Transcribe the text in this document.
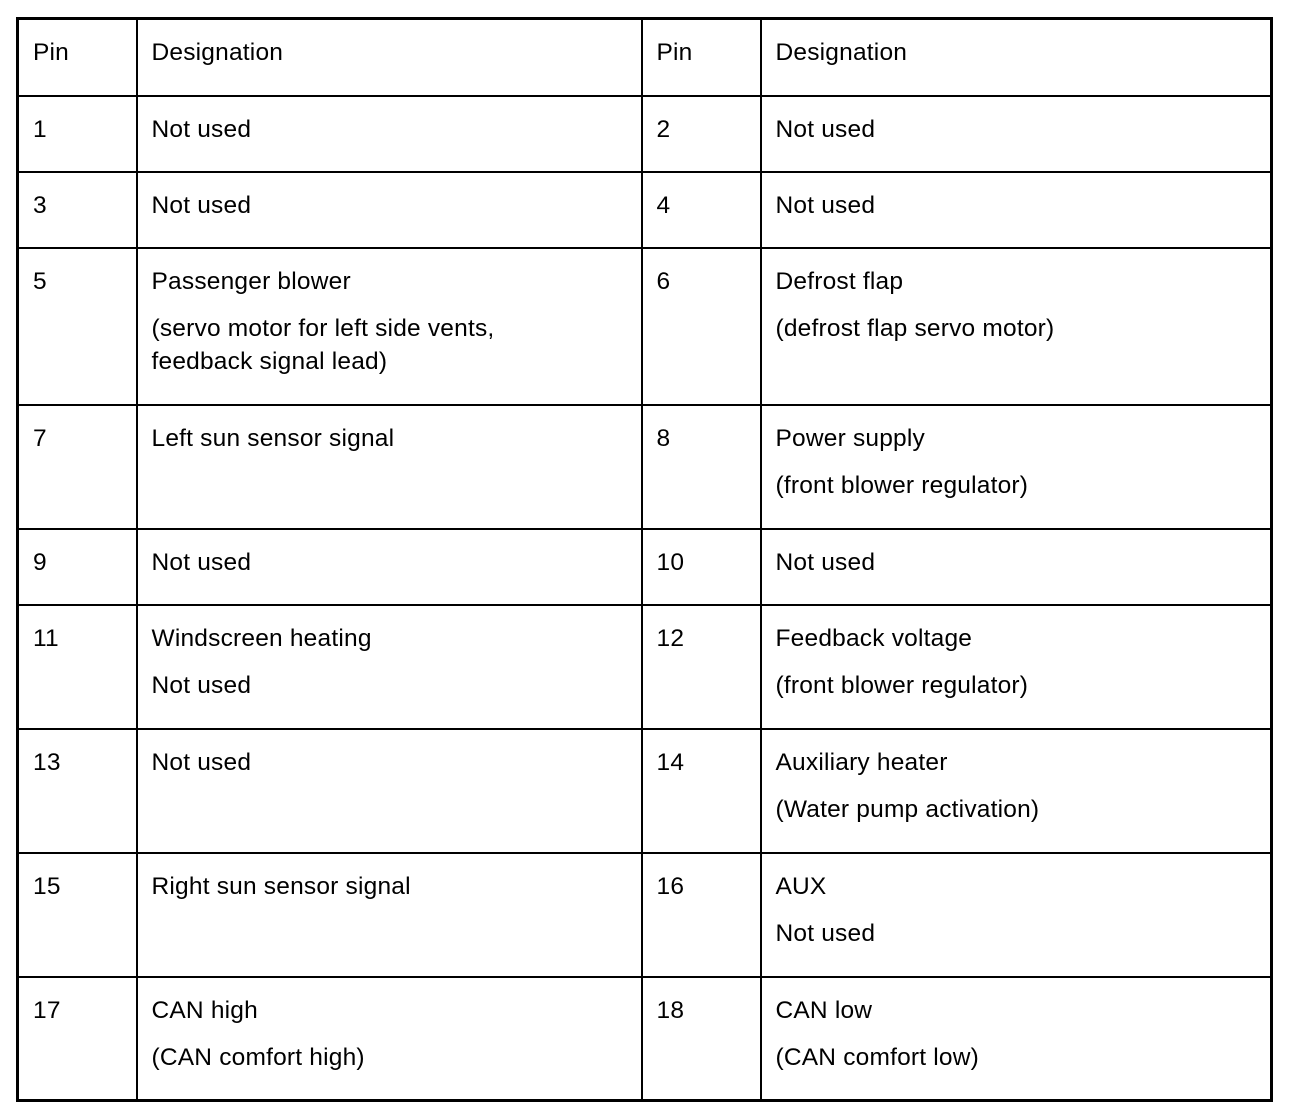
Pin	Designation	Pin	Designation
1	Not used	2	Not used

3	Not used	4	Not used

5	Passenger blower
(servo motor for left side vents,
feedback signal lead)	6	Defrost flap
(defrost flap servo motor)

7	Left sun sensor signal	8	Power supply
(front blower regulator)

9	Not used	10	Not used

11	Windscreen heating
Not used	12	Feedback voltage
(front blower regulator)

13	Not used	14	Auxiliary heater
(Water pump activation)

15	Right sun sensor signal	16	AUX
Not used

17	CAN high
(CAN comfort high)	18	CAN low
(CAN comfort low)
